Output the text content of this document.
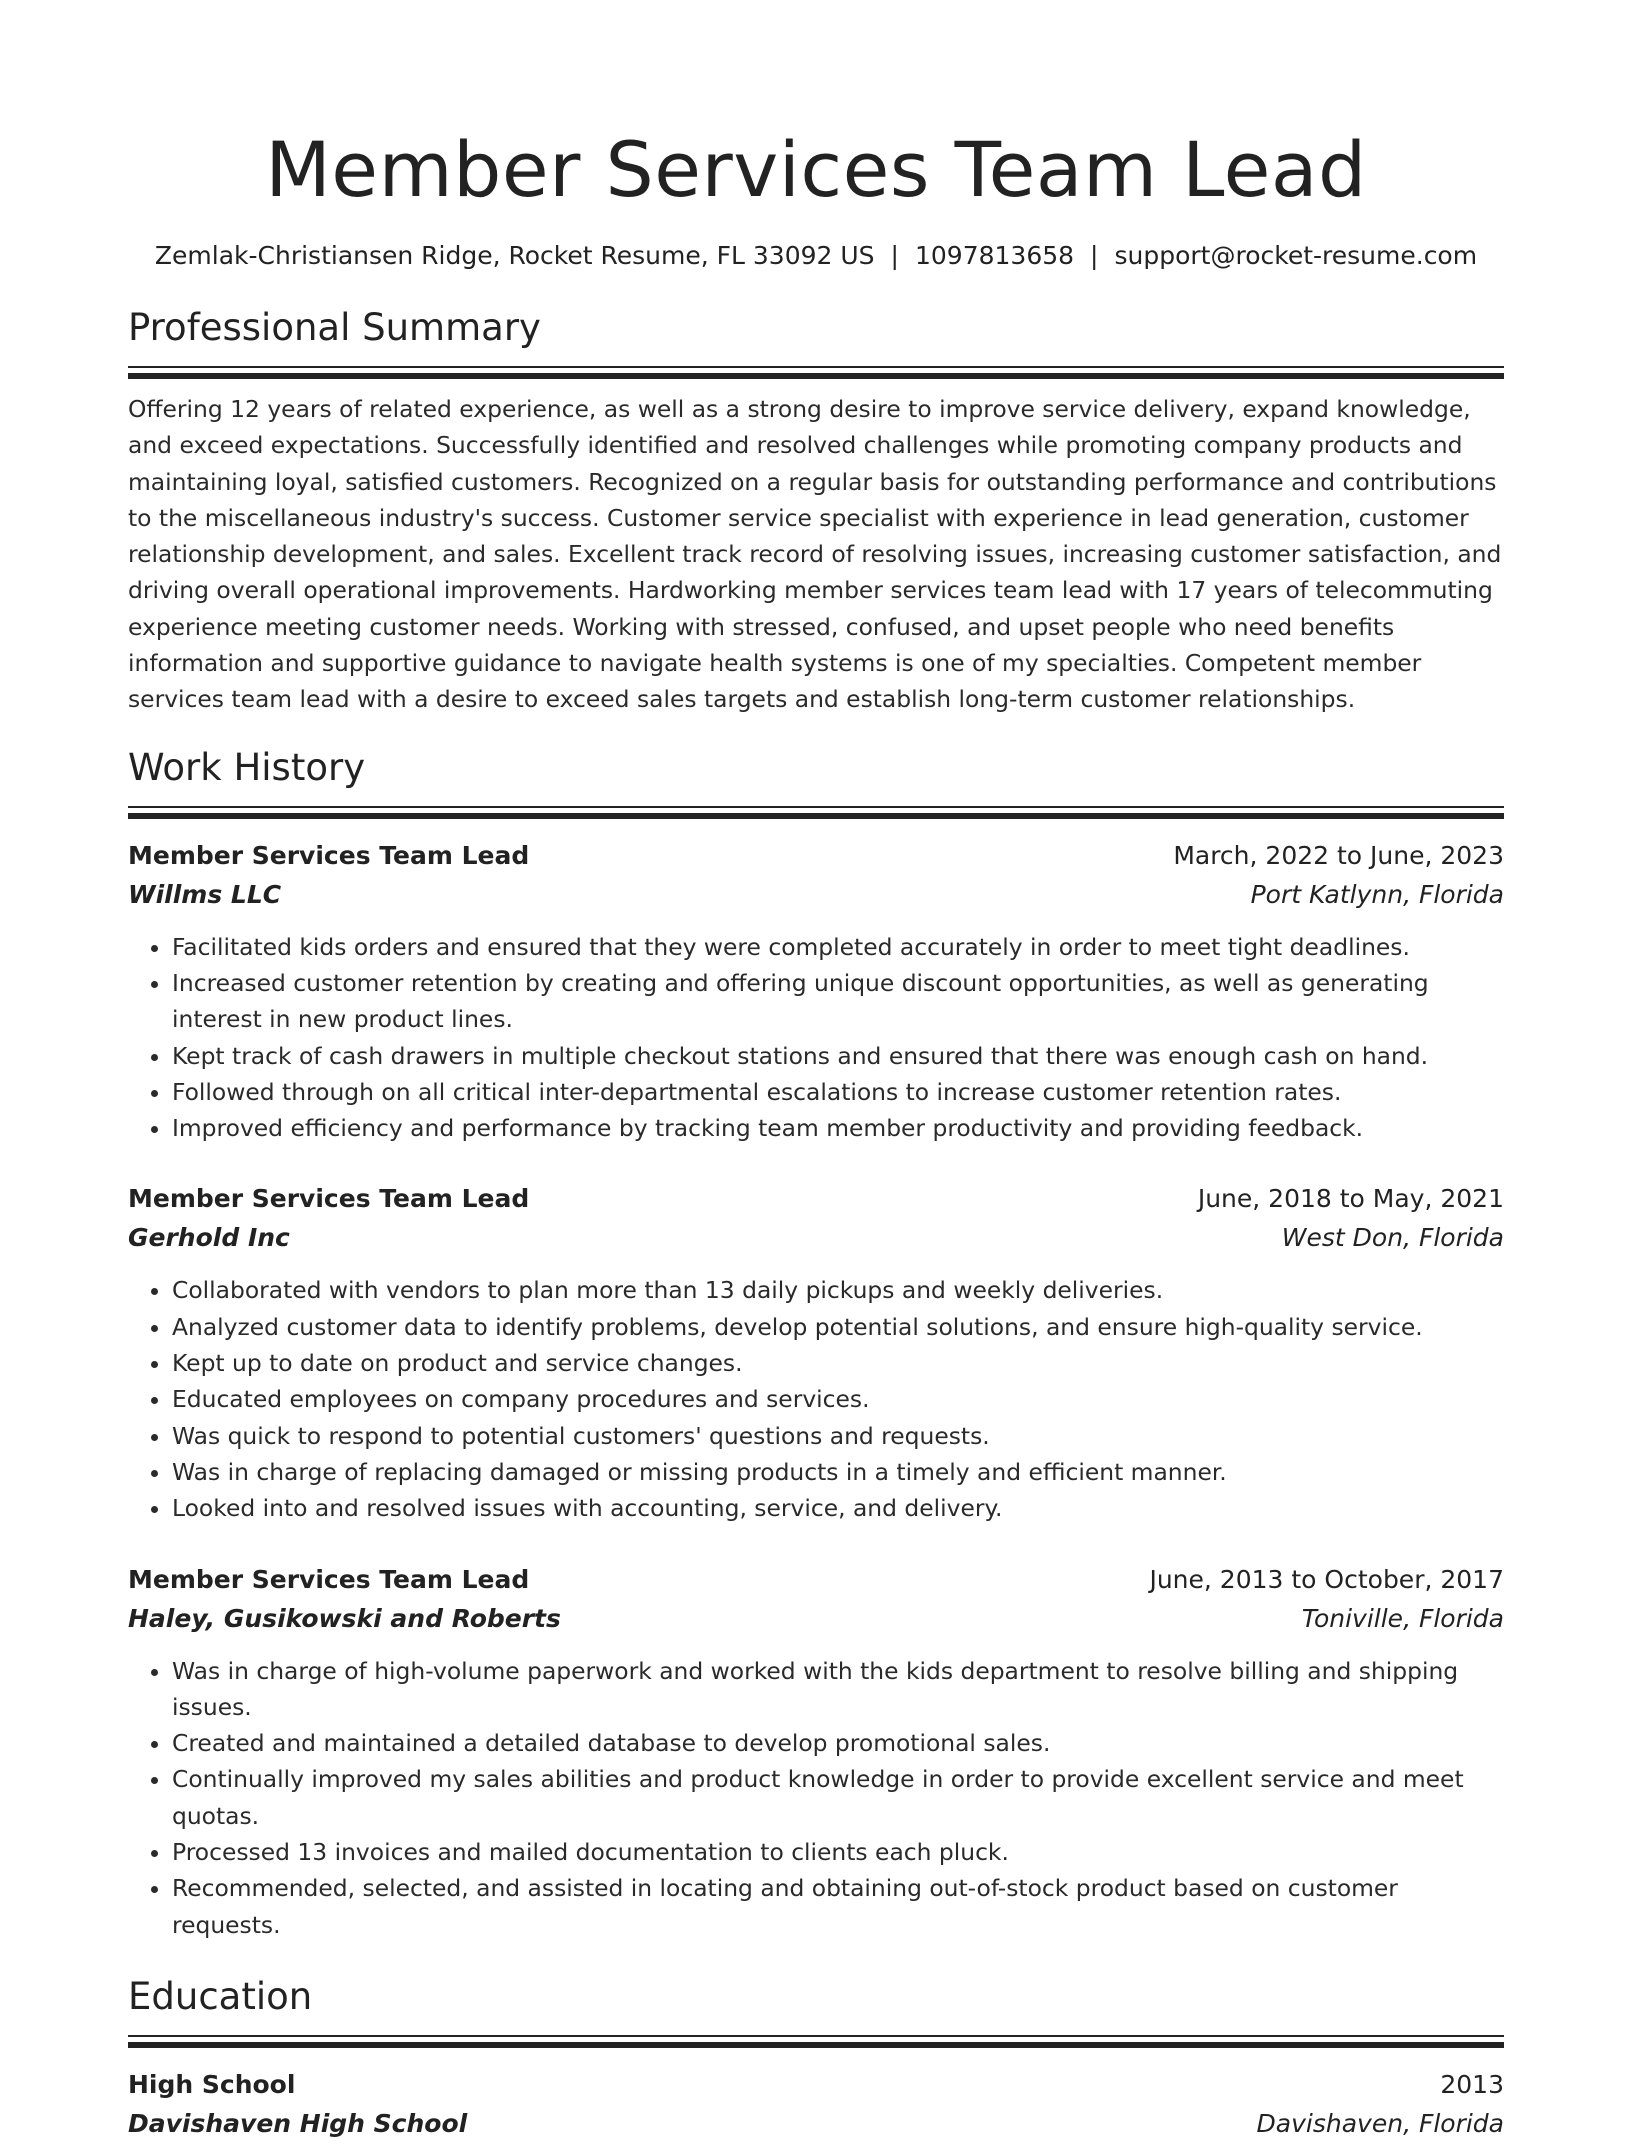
Member Services Team Lead
Zemlak-Christiansen Ridge, Rocket Resume, FL 33092 US | 1097813658 | support@rocket-resume.com
Professional Summary

Offering 12 years of related experience, as well as a strong desire to improve service delivery, expand knowledge, and exceed expectations. Successfully identified and resolved challenges while promoting company products and maintaining loyal, satisfied customers. Recognized on a regular basis for outstanding performance and contributions to the miscellaneous industry's success. Customer service specialist with experience in lead generation, customer relationship development, and sales. Excellent track record of resolving issues, increasing customer satisfaction, and driving overall operational improvements. Hardworking member services team lead with 17 years of telecommuting experience meeting customer needs. Working with stressed, confused, and upset people who need benefits information and supportive guidance to navigate health systems is one of my specialties. Competent member services team lead with a desire to exceed sales targets and establish long-term customer relationships.

Work History
Member Services Team Lead	March, 2022 to June, 2023
Willms LLC	Port Katlynn, Florida
• Facilitated kids orders and ensured that they were completed accurately in order to meet tight deadlines.
• Increased customer retention by creating and offering unique discount opportunities, as well as generating interest in new product lines.
• Kept track of cash drawers in multiple checkout stations and ensured that there was enough cash on hand.
• Followed through on all critical inter-departmental escalations to increase customer retention rates.
• Improved efficiency and performance by tracking team member productivity and providing feedback.
Member Services Team Lead	June, 2018 to May, 2021
Gerhold Inc	West Don, Florida
• Collaborated with vendors to plan more than 13 daily pickups and weekly deliveries.
• Analyzed customer data to identify problems, develop potential solutions, and ensure high-quality service.
• Kept up to date on product and service changes.
• Educated employees on company procedures and services.
• Was quick to respond to potential customers' questions and requests.
• Was in charge of replacing damaged or missing products in a timely and efficient manner.
• Looked into and resolved issues with accounting, service, and delivery.
Member Services Team Lead	June, 2013 to October, 2017
Haley, Gusikowski and Roberts	Toniville, Florida
• Was in charge of high-volume paperwork and worked with the kids department to resolve billing and shipping issues.
• Created and maintained a detailed database to develop promotional sales.
• Continually improved my sales abilities and product knowledge in order to provide excellent service and meet quotas.
• Processed 13 invoices and mailed documentation to clients each pluck.
• Recommended, selected, and assisted in locating and obtaining out-of-stock product based on customer requests.
Education
High School	2013
Davishaven High School	Davishaven, Florida
